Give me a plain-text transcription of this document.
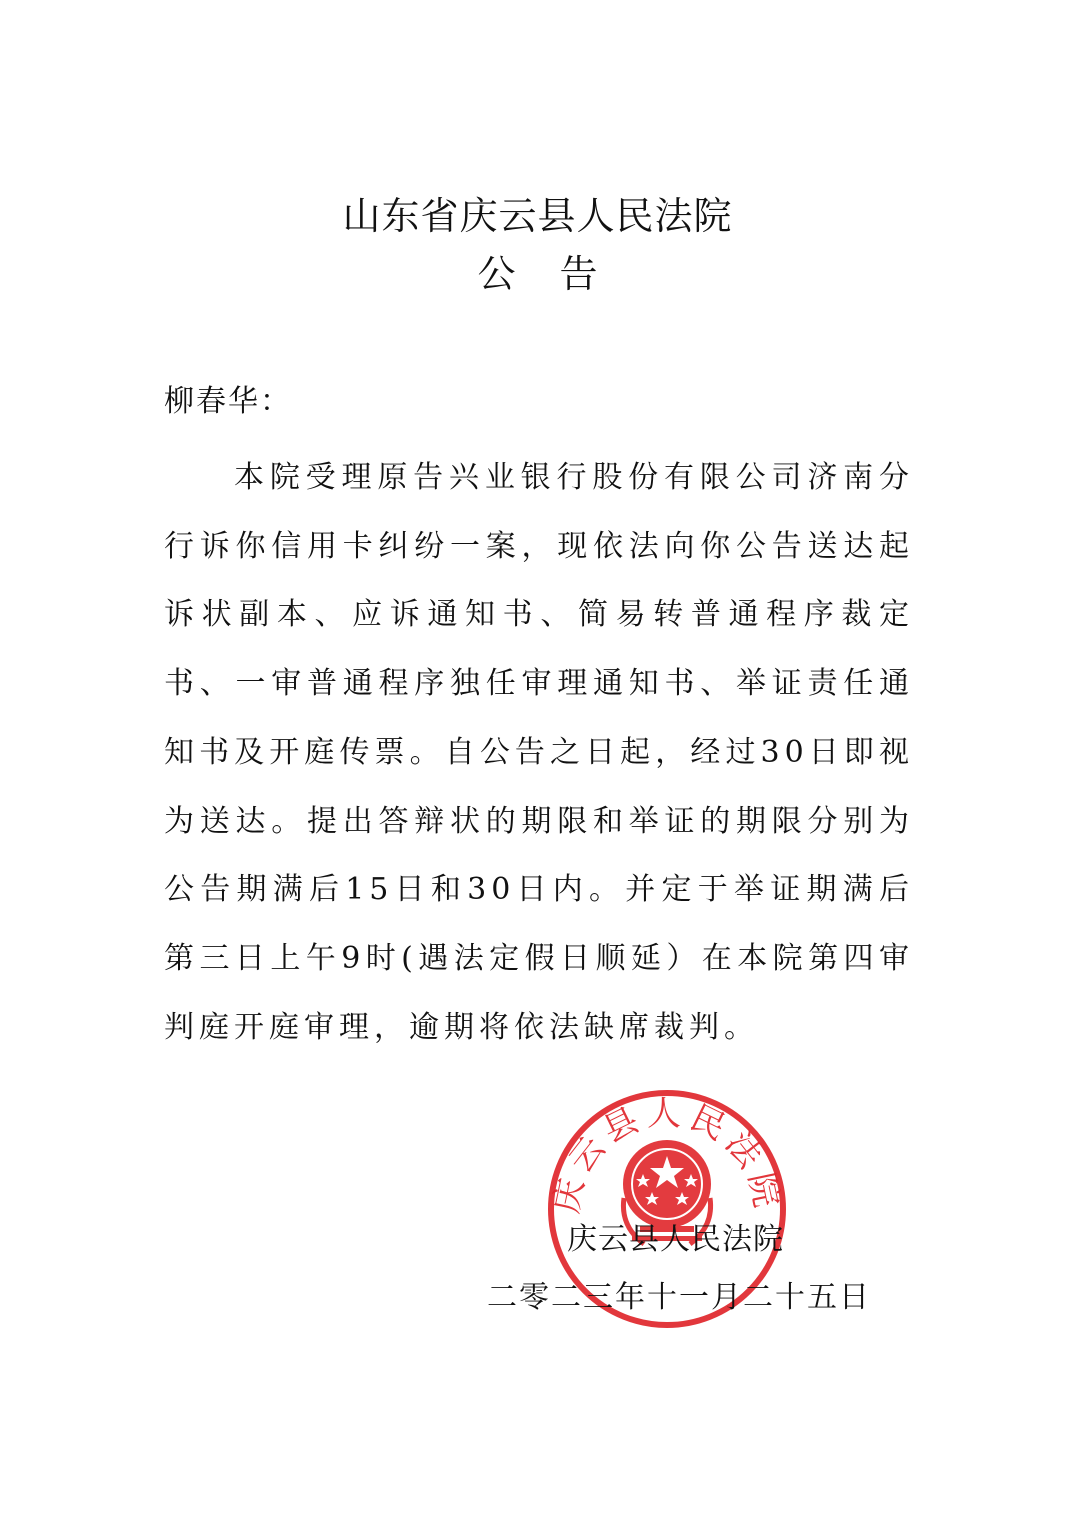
山东省庆云县人民法院
公告
柳春华：

本院受理原告兴业银行股份有限公司济南分行诉你信用卡纠纷一案，现依法向你公告送达起诉状副本、应诉通知书、简易转普通程序裁定书、一审普通程序独任审理通知书、举证责任通知书及开庭传票。自公告之日起，经过30日即视为送达。提出答辩状的期限和举证的期限分别为公告期满后15日和30日内。并定于举证期满后第三日上午9时(遇法定假日顺延）在本院第四审判庭开庭审理，逾期将依法缺席裁判。

庆云县人民法院
庆云县人民法院
二零二三年十一月二十五日
